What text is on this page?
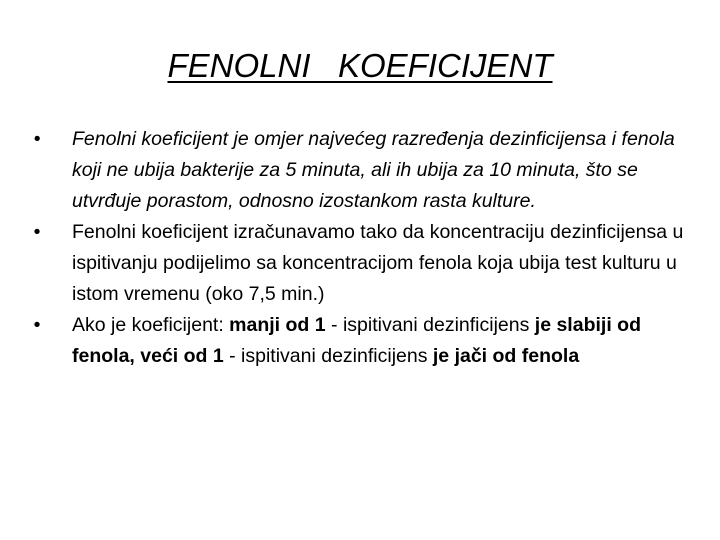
FENOLNI   KOEFICIJENT
• Fenolni koeficijent je omjer najvećeg razređenja dezinficijensa i fenola koji ne ubija bakterije za 5 minuta, ali ih ubija za 10 minuta, što se utvrđuje porastom, odnosno izostankom rasta kulture.
• Fenolni koeficijent izračunavamo tako da koncentraciju dezinficijensa u ispitivanju podijelimo sa koncentracijom fenola koja ubija test kulturu u istom vremenu (oko 7,5 min.)
• Ako je koeficijent: manji od 1 - ispitivani dezinficijens je slabiji od fenola, veći od 1 - ispitivani dezinficijens je jači od fenola
